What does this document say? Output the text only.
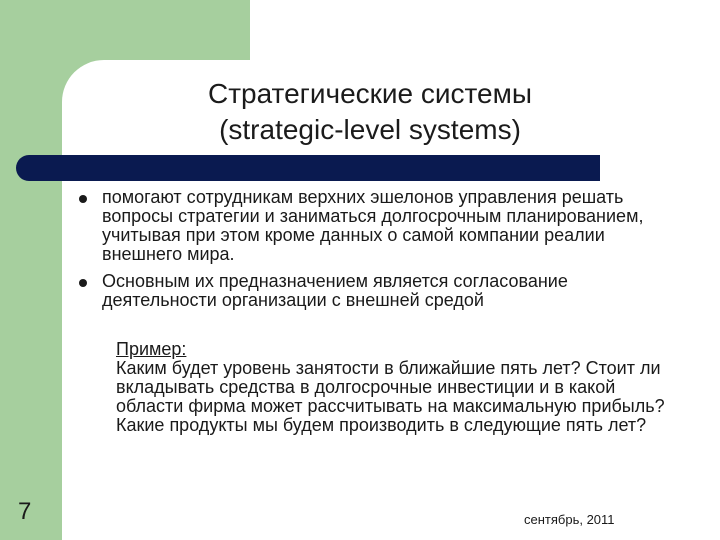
Стратегические системы
(strategic-level systems)
помогают сотрудникам верхних эшелонов управления решать вопросы стратегии и заниматься долгосрочным планированием, учитывая при этом кроме данных о самой компании реалии внешнего мира.
Основным их предназначением является согласование деятельности организации с внешней средой
Пример:
Каким будет уровень занятости в ближайшие пять лет? Стоит ли вкладывать средства в долгосрочные инвестиции и в какой области фирма может рассчитывать на максимальную прибыль? Какие продукты мы будем производить в следующие пять лет?
7	сентябрь, 2011
